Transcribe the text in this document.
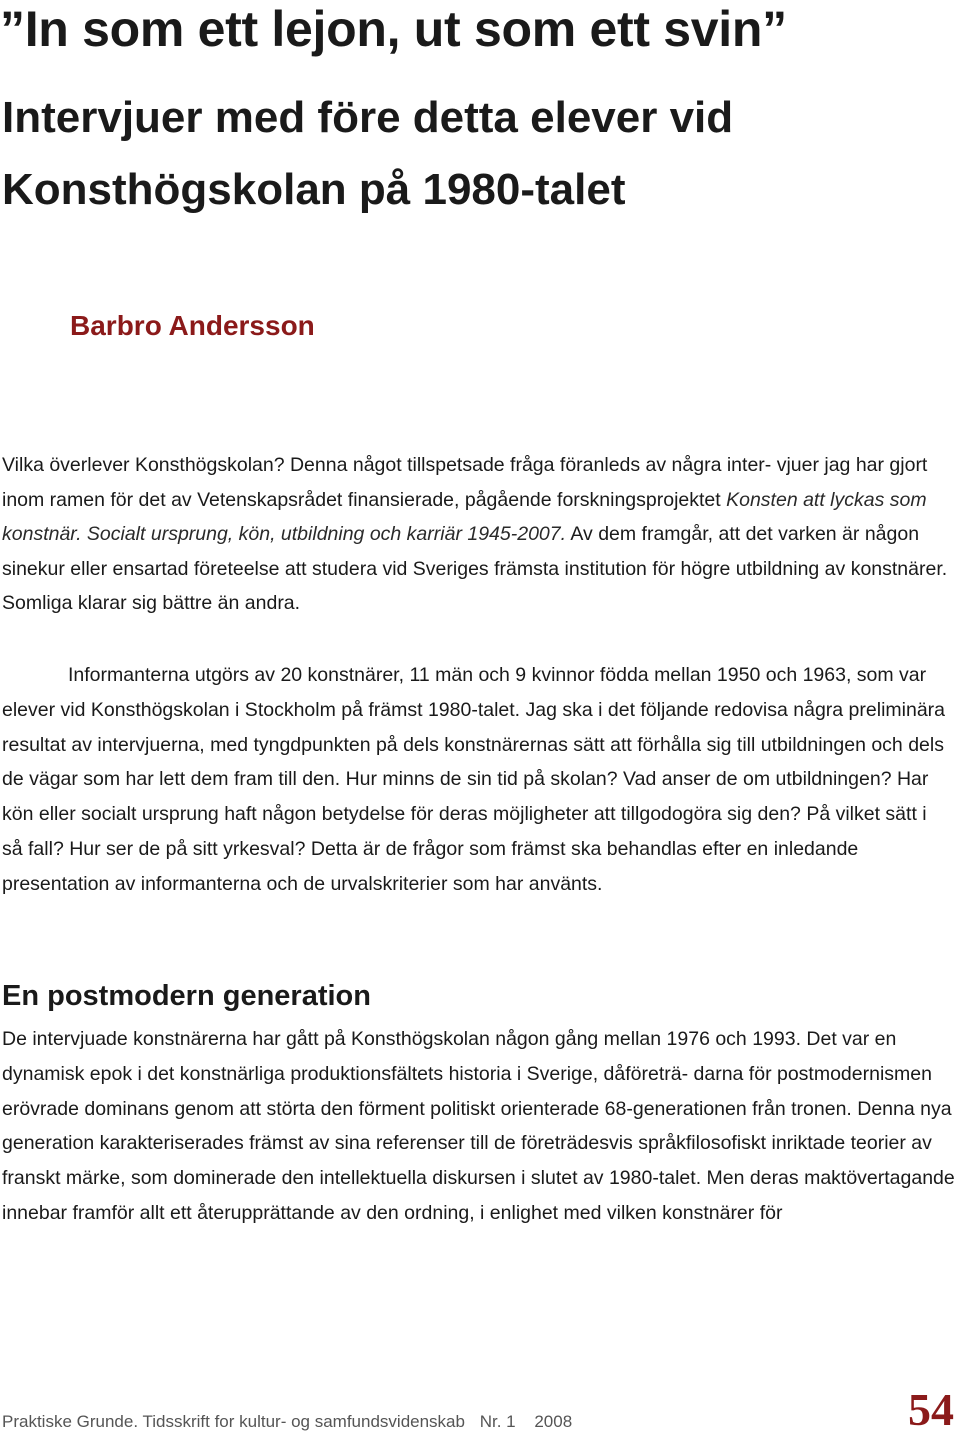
”In som ett lejon, ut som ett svin”
Intervjuer med före detta elever vid Konsthögskolan på 1980-talet
Barbro Andersson

Vilka överlever Konsthögskolan? Denna något tillspetsade fråga föranleds av några inter- vjuer jag har gjort inom ramen för det av Vetenskapsrådet finansierade, pågående forskningsprojektet Konsten att lyckas som konstnär. Socialt ursprung, kön, utbildning och karriär 1945-2007. Av dem framgår, att det varken är någon sinekur eller ensartad företeelse att studera vid Sveriges främsta institution för högre utbildning av konstnärer. Somliga klarar sig bättre än andra.

Informanterna utgörs av 20 konstnärer, 11 män och 9 kvinnor födda mellan 1950 och 1963, som var elever vid Konsthögskolan i Stockholm på främst 1980-talet. Jag ska i det följande redovisa några preliminära resultat av intervjuerna, med tyngdpunkten på dels konstnärernas sätt att förhålla sig till utbildningen och dels de vägar som har lett dem fram till den. Hur minns de sin tid på skolan? Vad anser de om utbildningen? Har kön eller socialt ursprung haft någon betydelse för deras möjligheter att tillgodogöra sig den? På vilket sätt i så fall? Hur ser de på sitt yrkesval? Detta är de frågor som främst ska behandlas efter en inledande presentation av informanterna och de urvalskriterier som har använts.

En postmodern generation

De intervjuade konstnärerna har gått på Konsthögskolan någon gång mellan 1976 och 1993. Det var en dynamisk epok i det konstnärliga produktionsfältets historia i Sverige, dåföreträ- darna för postmodernismen erövrade dominans genom att störta den förment politiskt orienterade 68-generationen från tronen. Denna nya generation karakteriserades främst av sina referenser till de företrädesvis språkfilosofiskt inriktade teorier av franskt märke, som dominerade den intellektuella diskursen i slutet av 1980-talet. Men deras maktövertagande innebar framför allt ett återupprättande av den ordning, i enlighet med vilken konstnärer för

Praktiske Grunde. Tidsskrift for kultur- og samfundsvidenskab Nr. 1 2008	54
